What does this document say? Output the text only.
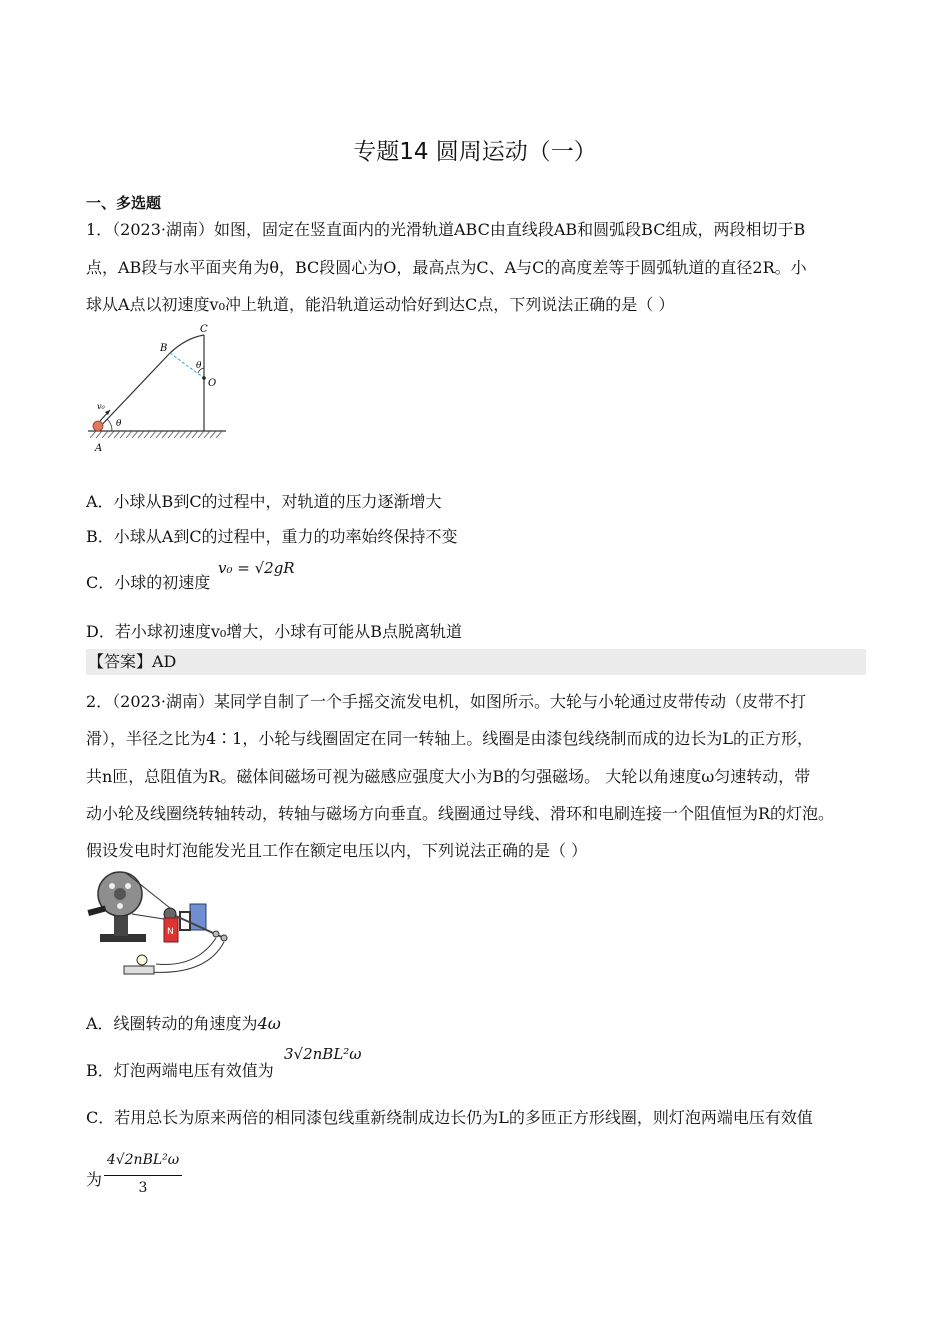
专题14 圆周运动（一）
一、多选题
1．（2023·湖南）如图，固定在竖直面内的光滑轨道ABC由直线段AB和圆弧段BC组成，两段相切于B
点，AB段与水平面夹角为θ，BC段圆心为O，最高点为C、A与C的高度差等于圆弧轨道的直径2R。小
球从A点以初速度v₀冲上轨道，能沿轨道运动恰好到达C点，下列说法正确的是（ ）
C
B
O
A
θ
θ
v₀
A．小球从B到C的过程中，对轨道的压力逐渐增大
B．小球从A到C的过程中，重力的功率始终保持不变
C．小球的初速度
v₀ = √2gR
D．若小球初速度v₀增大，小球有可能从B点脱离轨道
【答案】AD
2．（2023·湖南）某同学自制了一个手摇交流发电机，如图所示。大轮与小轮通过皮带传动（皮带不打
滑），半径之比为4∶1，小轮与线圈固定在同一转轴上。线圈是由漆包线绕制而成的边长为L的正方形，
共n匝，总阻值为R。磁体间磁场可视为磁感应强度大小为B的匀强磁场。 大轮以角速度ω匀速转动，带
动小轮及线圈绕转轴转动，转轴与磁场方向垂直。线圈通过导线、滑环和电刷连接一个阻值恒为R的灯泡。
假设发电时灯泡能发光且工作在额定电压以内，下列说法正确的是（ ）
N
A．线圈转动的角速度为4ω
B．灯泡两端电压有效值为
3√2nBL²ω
C．若用总长为原来两倍的相同漆包线重新绕制成边长仍为L的多匝正方形线圈，则灯泡两端电压有效值
为
4√2nBL²ω
3
